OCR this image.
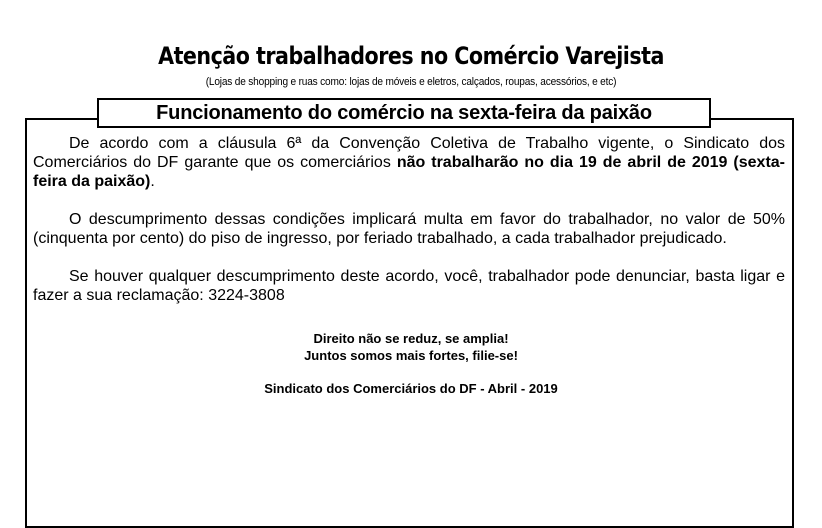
Atenção trabalhadores no Comércio Varejista
(Lojas de shopping e ruas como: lojas de móveis e eletros, calçados, roupas, acessórios, e etc)
Funcionamento do comércio na sexta-feira da paixão

De acordo com a cláusula 6ª da Convenção Coletiva de Trabalho vigente, o Sindicato dos Comerciários do DF garante que os comerciários não trabalharão no dia 19 de abril de 2019 (sexta-feira da paixão).

O descumprimento dessas condições implicará multa em favor do trabalhador, no valor de 50% (cinquenta por cento) do piso de ingresso, por feriado trabalhado, a cada trabalhador prejudicado.

Se houver qualquer descumprimento deste acordo, você, trabalhador pode denunciar, basta ligar e fazer a sua reclamação: 3224-3808

Direito não se reduz, se amplia!
Juntos somos mais fortes, filie-se!
Sindicato dos Comerciários do DF - Abril - 2019
